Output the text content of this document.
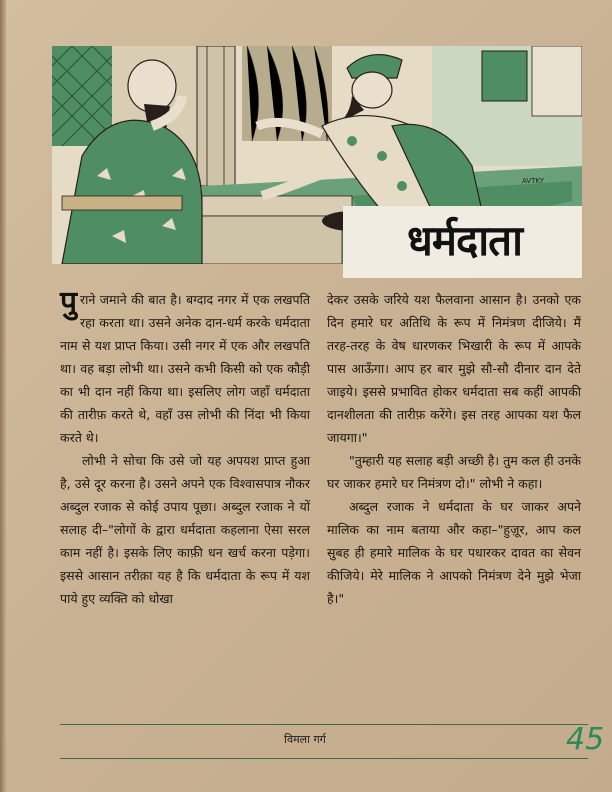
AVTKY
धर्मदाता

पुराने जमाने की बात है। बग्दाद नगर में एक लखपति रहा करता था। उसने अनेक दान-धर्म करके धर्मदाता नाम से यश प्राप्त किया। उसी नगर में एक और लखपति था। वह बड़ा लोभी था। उसने कभी किसी को एक कौड़ी का भी दान नहीं किया था। इसलिए लोग जहाँ धर्मदाता की तारीफ़ करते थे, वहाँ उस लोभी की निंदा भी किया करते थे।

लोभी ने सोचा कि उसे जो यह अपयश प्राप्त हुआ है, उसे दूर करना है। उसने अपने एक विश्वासपात्र नौकर अब्दुल रजाक से कोई उपाय पूछा। अब्दुल रजाक ने यों सलाह दी–"लोगों के द्वारा धर्मदाता कहलाना ऐसा सरल काम नहीं है। इसके लिए काफ़ी धन खर्च करना पड़ेगा। इससे आसान तरीक़ा यह है कि धर्मदाता के रूप में यश पाये हुए व्यक्ति को धोखा

देकर उसके जरिये यश फैलवाना आसान है। उनको एक दिन हमारे घर अतिथि के रूप में निमंत्रण दीजिये। मैं तरह-तरह के वेष धारणकर भिखारी के रूप में आपके पास आऊँगा। आप हर बार मुझे सौ-सौ दीनार दान देते जाइये। इससे प्रभावित होकर धर्मदाता सब कहीं आपकी दानशीलता की तारीफ़ करेंगे। इस तरह आपका यश फैल जायगा।"

"तुम्हारी यह सलाह बड़ी अच्छी है। तुम कल ही उनके घर जाकर हमारे घर निमंत्रण दो।" लोभी ने कहा।

अब्दुल रजाक ने धर्मदाता के घर जाकर अपने मालिक का नाम बताया और कहा–"हुज़ूर, आप कल सुबह ही हमारे मालिक के घर पधारकर दावत का सेवन कीजिये। मेरे मालिक ने आपको निमंत्रण देने मुझे भेजा है।"

विमला गर्ग	45
